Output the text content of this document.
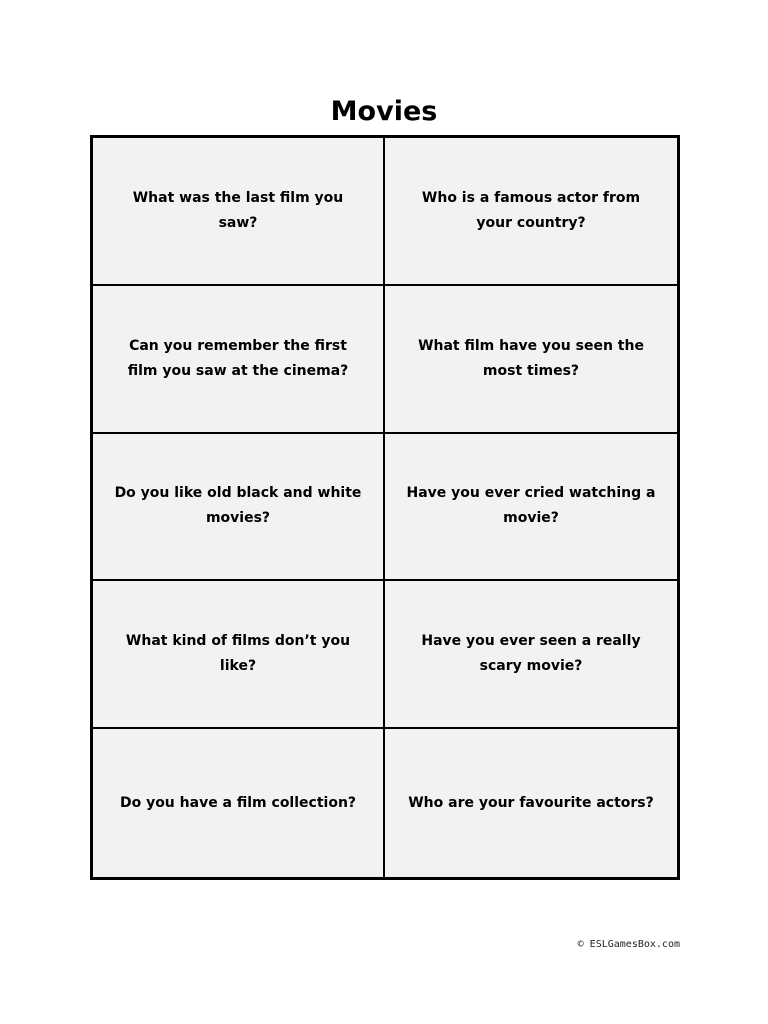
Movies
What was the last film you saw?
Who is a famous actor from your country?
Can you remember the first film you saw at the cinema?
What film have you seen the most times?
Do you like old black and white movies?
Have you ever cried watching a movie?
What kind of films don’t you like?
Have you ever seen a really scary movie?
Do you have a film collection?	Who are your favourite actors?
© ESLGamesBox.com
